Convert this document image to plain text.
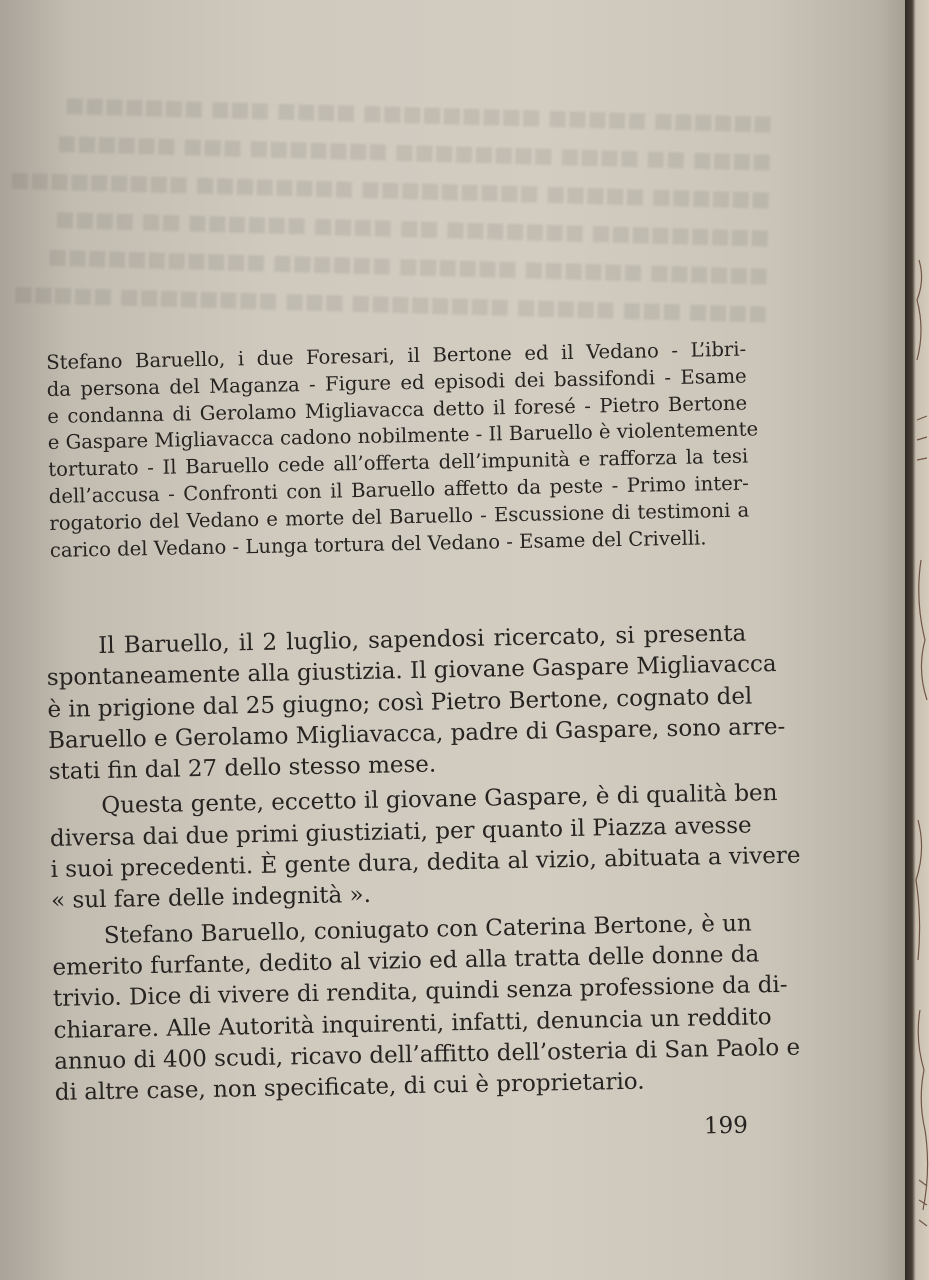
■■■■■■ ■■■■■ ■■■■■■■■■ ■■■■ ■■■ ■■■■■■■
■■■■ ■■ ■■■■ ■■■■■■■■ ■■■■■■■ ■■■ ■■■■■■
■■■■■■ ■■■■■ ■■■■■■■■■ ■■■■■■■■ ■■■■■■■■■
■■■■■■■■■ ■■■■■■■ ■■ ■■■■ ■■■■■■ ■■ ■■■■
■■■■■■ ■■■■■■ ■■■■■■ ■■■■■■ ■■■■■■■■■■■
■■■■ ■■■ ■■■■■ ■■■■■■■■ ■■■ ■■■■■■■■ ■■■■■
Stefano Baruello, i due Foresari, il Bertone ed il Vedano - L’ibri-
da persona del Maganza - Figure ed episodi dei bassifondi - Esame
e condanna di Gerolamo Migliavacca detto il foresé - Pietro Bertone
e Gaspare Migliavacca cadono nobilmente - Il Baruello è violentemente
torturato - Il Baruello cede all’offerta dell’impunità e rafforza la tesi
dell’accusa - Confronti con il Baruello affetto da peste - Primo inter-
rogatorio del Vedano e morte del Baruello - Escussione di testimoni a
carico del Vedano - Lunga tortura del Vedano - Esame del Crivelli.
Il Baruello, il 2 luglio, sapendosi ricercato, si presenta
spontaneamente alla giustizia. Il giovane Gaspare Migliavacca
è in prigione dal 25 giugno; così Pietro Bertone, cognato del
Baruello e Gerolamo Migliavacca, padre di Gaspare, sono arre-
stati fin dal 27 dello stesso mese.
Questa gente, eccetto il giovane Gaspare, è di qualità ben
diversa dai due primi giustiziati, per quanto il Piazza avesse
i suoi precedenti. È gente dura, dedita al vizio, abituata a vivere
« sul fare delle indegnità ».
Stefano Baruello, coniugato con Caterina Bertone, è un
emerito furfante, dedito al vizio ed alla tratta delle donne da
trivio. Dice di vivere di rendita, quindi senza professione da di-
chiarare. Alle Autorità inquirenti, infatti, denuncia un reddito
annuo di 400 scudi, ricavo dell’affitto dell’osteria di San Paolo e
di altre case, non specificate, di cui è proprietario.
199
